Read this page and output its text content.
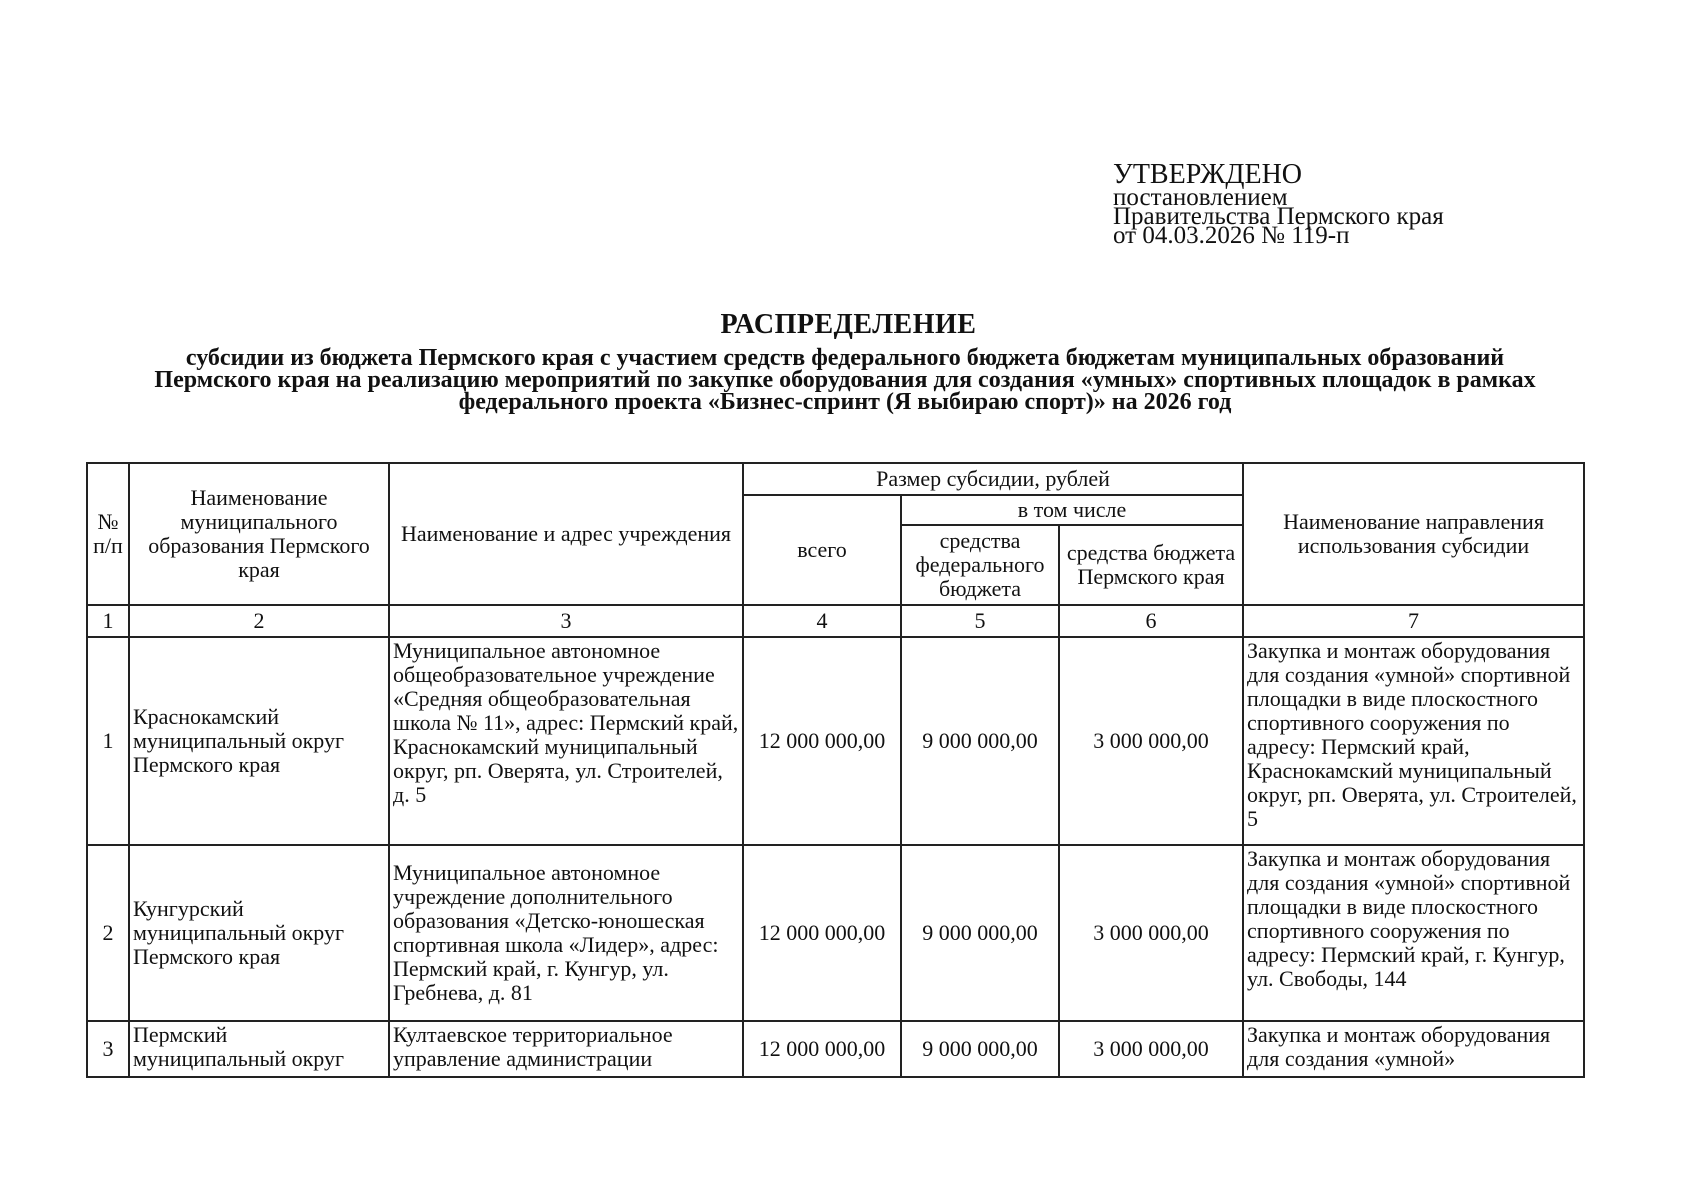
УТВЕРЖДЕНО
постановлением
Правительства Пермского края
от 04.03.2026 № 119-п
РАСПРЕДЕЛЕНИЕ
субсидии из бюджета Пермского края с участием средств федерального бюджета бюджетам муниципальных образований Пермского края на реализацию мероприятий по закупке оборудования для создания «умных» спортивных площадок в рамках федерального проекта «Бизнес-спринт (Я выбираю спорт)» на 2026 год
№ п/п	Наименование муниципального образования Пермского края	Наименование и адрес учреждения	Размер субсидии, рублей			Наименование направления использования субсидии
			всего	в том числе		
				средства федерального бюджета	средства бюджета Пермского края	
1	2	3	4	5	6	7
1	Краснокамский муниципальный округ Пермского края	Муниципальное автономное общеобразовательное учреждение «Средняя общеобразовательная школа № 11», адрес: Пермский край, Краснокамский муниципальный округ, рп. Оверята, ул. Строителей, д. 5	12 000 000,00	9 000 000,00	3 000 000,00	Закупка и монтаж оборудования для создания «умной» спортивной площадки в виде плоскостного спортивного сооружения по адресу: Пермский край, Краснокамский муниципальный округ, рп. Оверята, ул. Строителей, 5
2	Кунгурский муниципальный округ Пермского края	Муниципальное автономное учреждение дополнительного образования «Детско-юношеская спортивная школа «Лидер», адрес: Пермский край, г. Кунгур, ул. Гребнева, д. 81	12 000 000,00	9 000 000,00	3 000 000,00	Закупка и монтаж оборудования для создания «умной» спортивной площадки в виде плоскостного спортивного сооружения по адресу: Пермский край, г. Кунгур, ул. Свободы, 144
3	Пермский муниципальный округ	Култаевское территориальное управление администрации	12 000 000,00	9 000 000,00	3 000 000,00	Закупка и монтаж оборудования для создания «умной»
